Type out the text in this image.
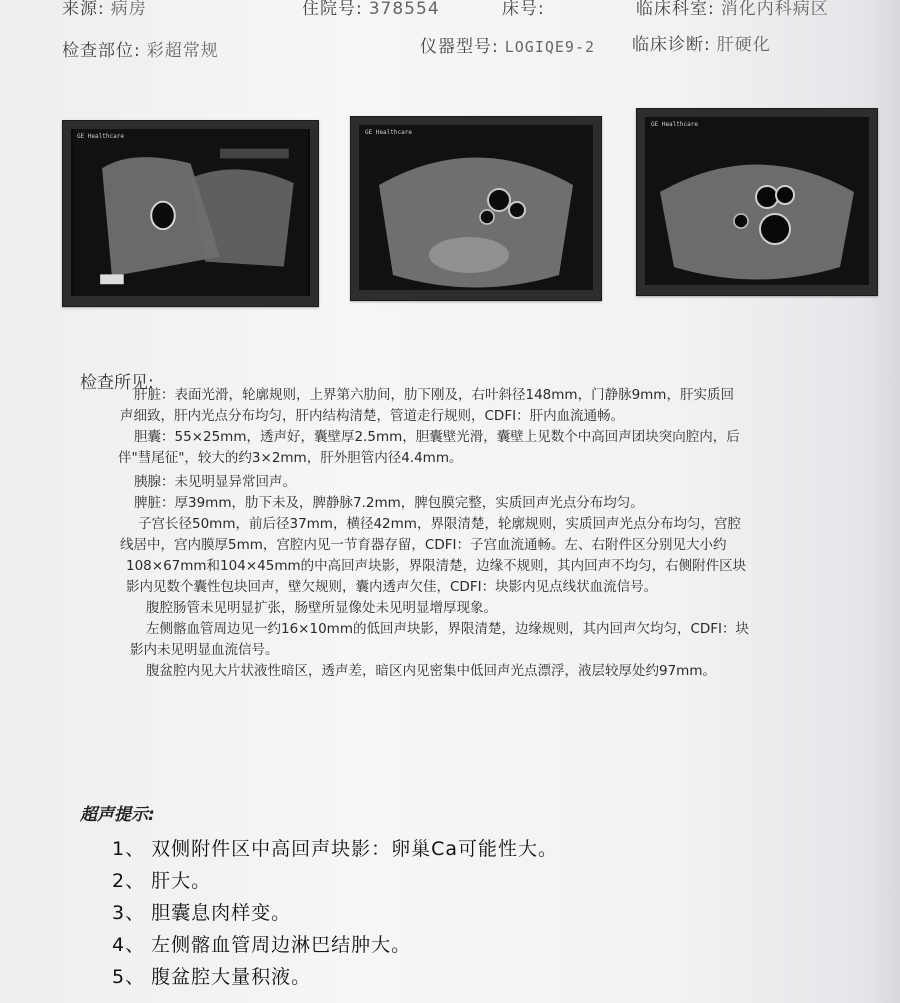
来源: 病房	住院号: 378554	床号:	临床科室: 消化内科病区
检查部位: 彩超常规	仪器型号: LOGIQE9-2 临床诊断: 肝硬化
GE Healthcare
GE Healthcare
GE Healthcare
检查所见:
肝脏：表面光滑，轮廓规则，上界第六肋间，肋下刚及，右叶斜径148mm，门静脉9mm，肝实质回
声细致，肝内光点分布均匀，肝内结构清楚，管道走行规则，CDFI：肝内血流通畅。
胆囊：55×25mm，透声好，囊壁厚2.5mm，胆囊壁光滑，囊壁上见数个中高回声团块突向腔内，后
伴"彗尾征"，较大的约3×2mm，肝外胆管内径4.4mm。
胰腺：未见明显异常回声。
脾脏：厚39mm，肋下未及，脾静脉7.2mm，脾包膜完整，实质回声光点分布均匀。
子宫长径50mm，前后径37mm，横径42mm，界限清楚，轮廓规则，实质回声光点分布均匀，宫腔
线居中，宫内膜厚5mm，宫腔内见一节育器存留，CDFI：子宫血流通畅。左、右附件区分别见大小约
108×67mm和104×45mm的中高回声块影，界限清楚，边缘不规则，其内回声不均匀，右侧附件区块
影内见数个囊性包块回声，壁欠规则，囊内透声欠佳，CDFI：块影内见点线状血流信号。
腹腔肠管未见明显扩张，肠壁所显像处未见明显增厚现象。
左侧髂血管周边见一约16×10mm的低回声块影，界限清楚，边缘规则，其内回声欠均匀，CDFI：块
影内未见明显血流信号。
腹盆腔内见大片状液性暗区，透声差，暗区内见密集中低回声光点漂浮，液层较厚处约97mm。
超声提示:
1、 双侧附件区中高回声块影：卵巢Ca可能性大。
2、 肝大。
3、 胆囊息肉样变。
4、 左侧髂血管周边淋巴结肿大。
5、 腹盆腔大量积液。
